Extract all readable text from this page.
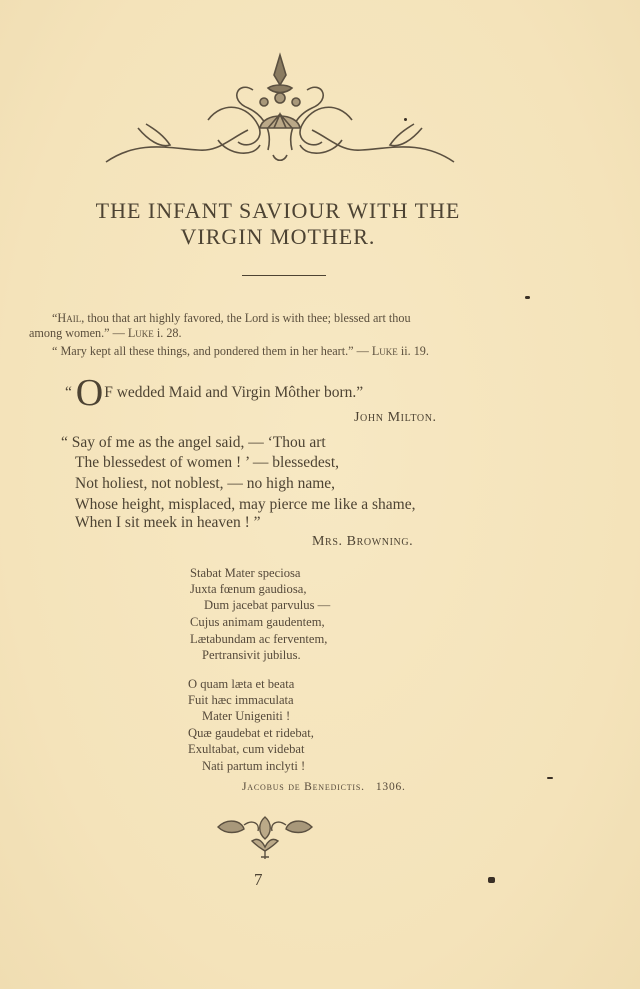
THE INFANT SAVIOUR WITH THE
VIRGIN MOTHER.
“Hail, thou that art highly favored, the Lord is with thee; blessed art thou
among women.” — Luke i. 28.
“ Mary kept all these things, and pondered them in her heart.” — Luke ii. 19.
“ OF wedded Maid and Virgin Môther born.”
John Milton.
“ Say of me as the angel said, — ‘Thou art
The blessedest of women ! ’ — blessedest,
Not holiest, not noblest, — no high name,
Whose height, misplaced, may pierce me like a shame,
When I sit meek in heaven ! ”
Mrs. Browning.
Stabat Mater speciosa
Juxta fœnum gaudiosa,
Dum jacebat parvulus —
Cujus animam gaudentem,
Lætabundam ac ferventem,
Pertransivit jubilus.
O quam læta et beata
Fuit hæc immaculata
Mater Unigeniti !
Quæ gaudebat et ridebat,
Exultabat, cum videbat
Nati partum inclyti !
Jacobus de Benedictis. 1306.
7
